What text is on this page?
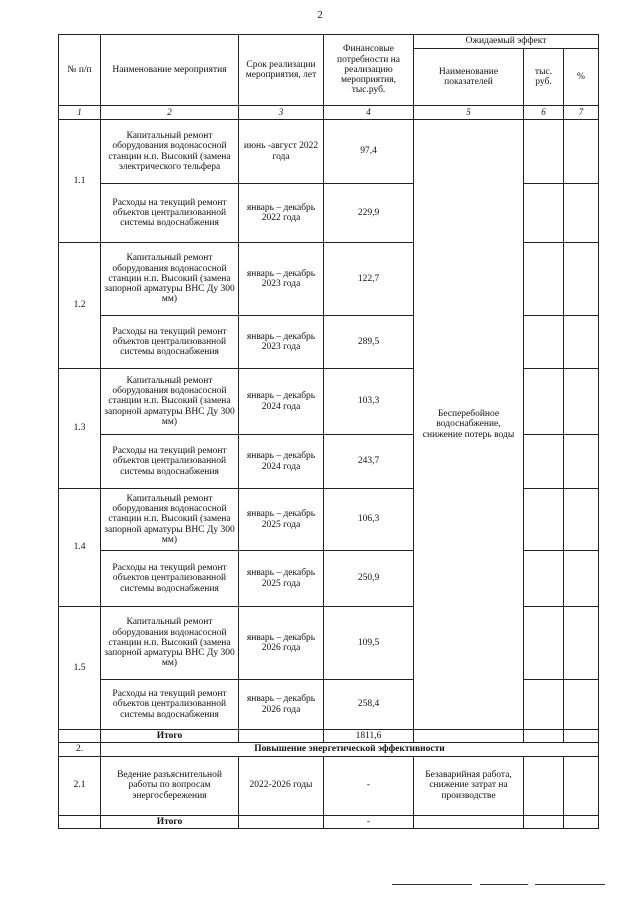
2
№ п/п	Наименование мероприятия	Срок реализации мероприятия, лет	Финансовые потребности на реализацию мероприятия, тыс.руб.	Ожидаемый эффект		
				Наименование показателей	тыс. руб.	%
1	2	3	4	5	6	7
1.1	Капитальный ремонт оборудования водонасосной станции н.п. Высокий (замена электрического тельфера	июнь -август 2022 года	97,4	Бесперебойное водоснабжение, снижение потерь воды		
	Расходы на текущий ремонт объектов централизованной системы водоснабжения	январь – декабрь 2022 года	229,9			
1.2	Капитальный ремонт оборудования водонасосной станции н.п. Высокий (замена запорной арматуры ВНС Ду 300 мм)	январь – декабрь 2023 года	122,7			
	Расходы на текущий ремонт объектов централизованной системы водоснабжения	январь – декабрь 2023 года	289,5			
1.3	Капитальный ремонт оборудования водонасосной станции н.п. Высокий (замена запорной арматуры ВНС Ду 300 мм)	январь – декабрь 2024 года	103,3			
	Расходы на текущий ремонт объектов централизованной системы водоснабжения	январь – декабрь 2024 года	243,7			
1.4	Капитальный ремонт оборудования водонасосной станции н.п. Высокий (замена запорной арматуры ВНС Ду 300 мм)	январь – декабрь 2025 года	106,3			
	Расходы на текущий ремонт объектов централизованной системы водоснабжения	январь – декабрь 2025 года	250,9			
1.5	Капитальный ремонт оборудования водонасосной станции н.п. Высокий (замена запорной арматуры ВНС Ду 300 мм)	январь – декабрь 2026 года	109,5			
	Расходы на текущий ремонт объектов централизованной системы водоснабжения	январь – декабрь 2026 года	258,4			
	Итого		1811,6			
2.	Повышение энергетической эффективности					
2.1	Ведение разъяснительной работы по вопросам энергосбережения	2022-2026 годы	-	Безаварийная работа, снижение затрат на производстве		
	Итого		-			
